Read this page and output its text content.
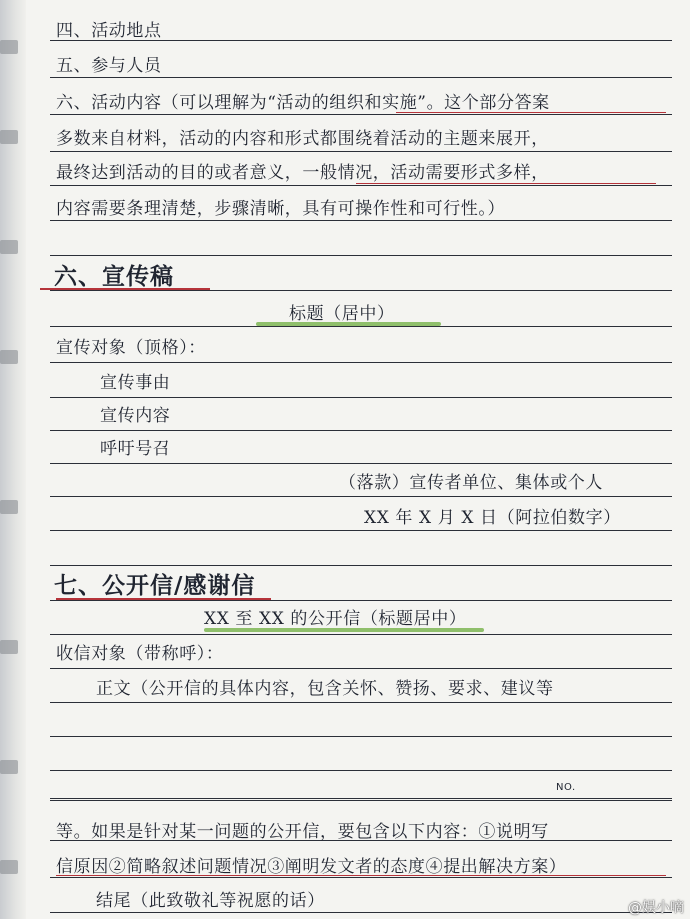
四、活动地点
五、参与人员
六、活动内容（可以理解为“活动的组织和实施”。这个部分答案
多数来自材料，活动的内容和形式都围绕着活动的主题来展开，
最终达到活动的目的或者意义，一般情况，活动需要形式多样，
内容需要条理清楚，步骤清晰，具有可操作性和可行性。）
六、宣传稿
标题（居中）
宣传对象（顶格）：
宣传事由
宣传内容
呼吁号召
（落款）宣传者单位、集体或个人
XX 年 X 月 X 日（阿拉伯数字）
七、公开信/感谢信
XX 至 XX 的公开信（标题居中）
收信对象（带称呼）：
正文（公开信的具体内容，包含关怀、赞扬、要求、建议等
NO.
等。如果是针对某一问题的公开信，要包含以下内容：①说明写
信原因②简略叙述问题情况③阐明发文者的态度④提出解决方案）
结尾（此致敬礼等祝愿的话）	@娱小嘀
